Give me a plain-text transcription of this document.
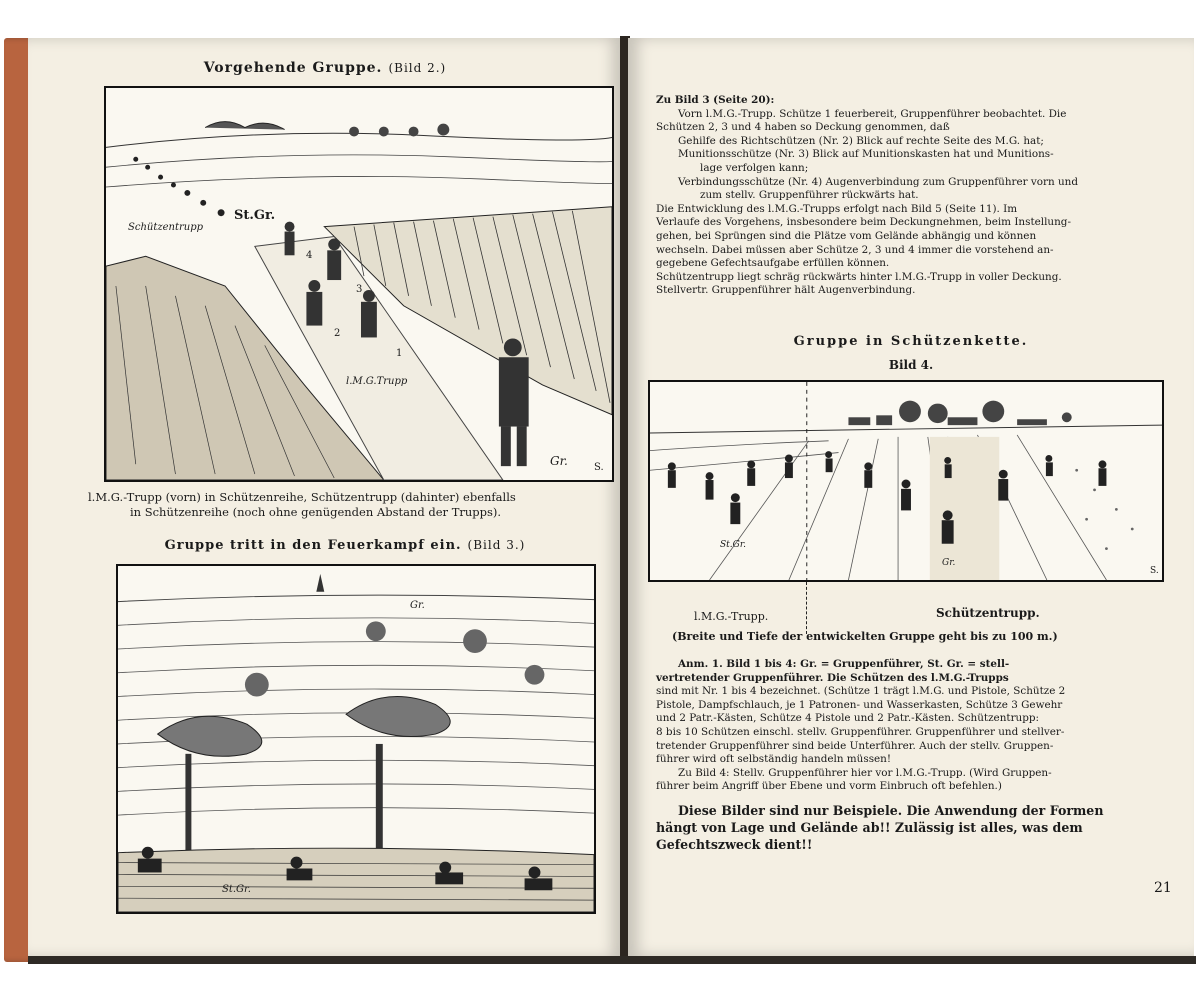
Vorgehende Gruppe. (Bild 2.)
Schützentrupp
St.Gr.
4
3
2
1
l.M.G.Trupp
Gr.	S.
l.M.G.-Trupp (vorn) in Schützenreihe, Schützentrupp (dahinter) ebenfalls
in Schützenreihe (noch ohne genügenden Abstand der Trupps).
Gruppe tritt in den Feuerkampf ein. (Bild 3.)
Gr.
St.Gr.

Zu Bild 3 (Seite 20):

Vorn l.M.G.-Trupp. Schütze 1 feuerbereit, Gruppenführer beobachtet. Die

Schützen 2, 3 und 4 haben so Deckung genommen, daß

Gehilfe des Richtschützen (Nr. 2) Blick auf rechte Seite des M.G. hat;

Munitionsschütze (Nr. 3) Blick auf Munitionskasten hat und Munitions-

lage verfolgen kann;

Verbindungsschütze (Nr. 4) Augenverbindung zum Gruppenführer vorn und

zum stellv. Gruppenführer rückwärts hat.

Die Entwicklung des l.M.G.-Trupps erfolgt nach Bild 5 (Seite 11). Im

Verlaufe des Vorgehens, insbesondere beim Deckungnehmen, beim Instellung-

gehen, bei Sprüngen sind die Plätze vom Gelände abhängig und können

wechseln. Dabei müssen aber Schütze 2, 3 und 4 immer die vorstehend an-

gegebene Gefechtsaufgabe erfüllen können.

Schützentrupp liegt schräg rückwärts hinter l.M.G.-Trupp in voller Deckung.

Stellvertr. Gruppenführer hält Augenverbindung.

Gruppe in Schützenkette.
Bild 4.
St.Gr.
Gr.
S.
l.M.G.-Trupp.	Schützentrupp.
(Breite und Tiefe der entwickelten Gruppe geht bis zu 100 m.)

Anm. 1. Bild 1 bis 4: Gr. = Gruppenführer, St. Gr. = stell-

vertretender Gruppenführer. Die Schützen des l.M.G.-Trupps

sind mit Nr. 1 bis 4 bezeichnet. (Schütze 1 trägt l.M.G. und Pistole, Schütze 2

Pistole, Dampfschlauch, je 1 Patronen- und Wasserkasten, Schütze 3 Gewehr

und 2 Patr.-Kästen, Schütze 4 Pistole und 2 Patr.-Kästen. Schützentrupp:

8 bis 10 Schützen einschl. stellv. Gruppenführer. Gruppenführer und stellver-

tretender Gruppenführer sind beide Unterführer. Auch der stellv. Gruppen-

führer wird oft selbständig handeln müssen!

Zu Bild 4: Stellv. Gruppenführer hier vor l.M.G.-Trupp. (Wird Gruppen-

führer beim Angriff über Ebene und vorm Einbruch oft befehlen.)

Diese Bilder sind nur Beispiele. Die Anwendung der Formen

hängt von Lage und Gelände ab!! Zulässig ist alles, was dem

Gefechtszweck dient!!

21
